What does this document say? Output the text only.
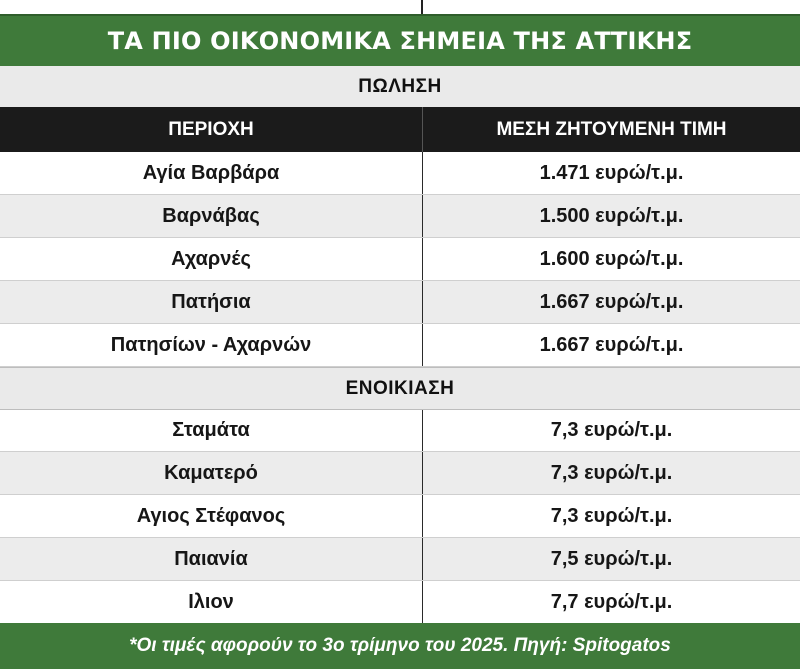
ΤΑ ΠΙΟ ΟΙΚΟΝΟΜΙΚΑ ΣΗΜΕΙΑ ΤΗΣ ΑΤΤΙΚΗΣ
ΠΩΛΗΣΗ
ΠΕΡΙΟΧΗ	ΜΕΣΗ ΖΗΤΟΥΜΕΝΗ ΤΙΜΗ
Αγία Βαρβάρα	1.471 ευρώ/τ.μ.
Βαρνάβας	1.500 ευρώ/τ.μ.
Αχαρνές	1.600 ευρώ/τ.μ.
Πατήσια	1.667 ευρώ/τ.μ.
Πατησίων - Αχαρνών	1.667 ευρώ/τ.μ.
ΕΝΟΙΚΙΑΣΗ
Σταμάτα	7,3 ευρώ/τ.μ.
Καματερό	7,3 ευρώ/τ.μ.
Αγιος Στέφανος	7,3 ευρώ/τ.μ.
Παιανία	7,5 ευρώ/τ.μ.
Ιλιον	7,7 ευρώ/τ.μ.
*Οι τιμές αφορούν το 3ο τρίμηνο του 2025. Πηγή: Spitogatos
